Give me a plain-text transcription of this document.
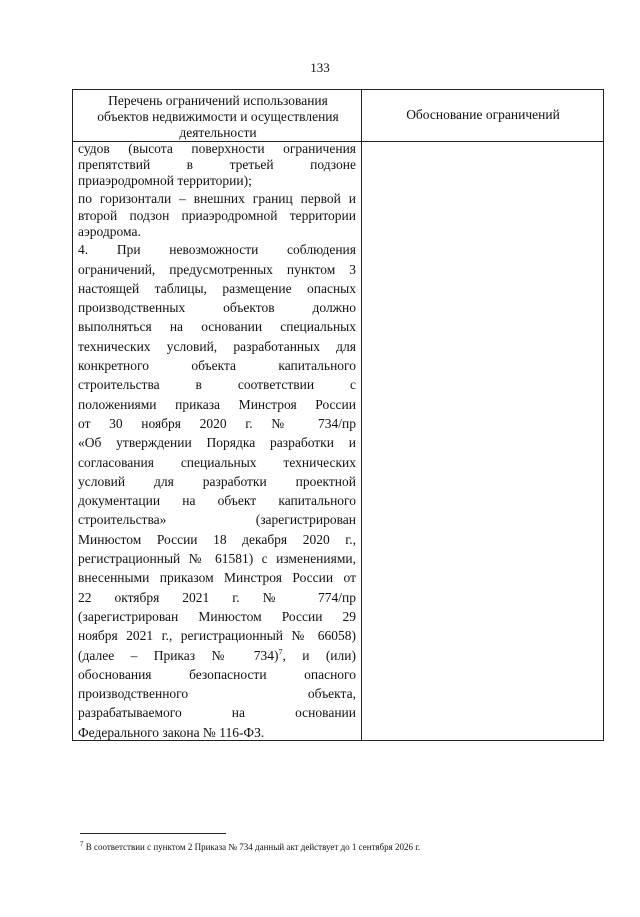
133
Перечень ограничений использования объектов недвижимости и осуществления деятельности
Обоснование ограничений
судов (высота поверхности ограничения
препятствий в третьей подзоне
приаэродромной территории);
по горизонтали – внешних границ первой и
второй подзон приаэродромной территории
аэродрома.
4. При невозможности соблюдения
ограничений, предусмотренных пунктом 3
настоящей таблицы, размещение опасных
производственных объектов должно
выполняться на основании специальных
технических условий, разработанных для
конкретного объекта капитального
строительства в соответствии с
положениями приказа Минстроя России
от 30 ноября 2020 г. № 734/пр
«Об утверждении Порядка разработки и
согласования специальных технических
условий для разработки проектной
документации на объект капитального
строительства» (зарегистрирован
Минюстом России 18 декабря 2020 г.,
регистрационный № 61581) с изменениями,
внесенными приказом Минстроя России от
22 октября 2021 г. № 774/пр
(зарегистрирован Минюстом России 29
ноября 2021 г., регистрационный № 66058)
(далее – Приказ № 734)$^7$, и (или)
обоснования безопасности опасного
производственного объекта,
разрабатываемого на основании
Федерального закона № 116-ФЗ.
$^7$ В соответствии с пунктом 2 Приказа № 734 данный акт действует до 1 сентября 2026 г.
